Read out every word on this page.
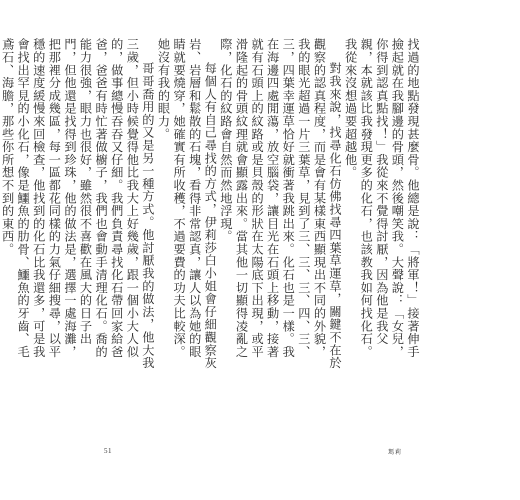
找過的地點發現甚麼骨。他總是說：「將軍！」接著伸手撿起就在我腳邊的骨頭，然後嘲笑我。大聲說：「女兒，你得到認真點找！」我從來不覺得討厭，因為他是我父親，本就該比我發現更多的化石，也該教我如何找化石。我從來沒想過要超越他。

對我來說，找尋化石仿佛找尋四葉草運草，關鍵不在於觀察的認真程度，而是會有某樣東西顯現出不同的外貌，我的眼光超過一片三葉草，見到了三、三、三、四、三、三，四葉幸運草恰好就衝著我跳出來。化石也是一樣。我在海邊四處閒蕩，放空腦袋，讓目光在石頭上移動，接著就有石頭上的紋路或是貝殼的形狀在太陽底下出現，或平滑隆起的骨頭紋理就會顯露出來。當其他一切顯得凌亂之際，化石的紋路會自然而然地浮現。

每個人有自己尋找的方式，伊莉莎白小姐會仔細觀察灰岩、岩層和鬆散的石塊，看得非常認真，讓人以為她的眼睛就要燒穿，她確實有所收穫，不過要費的功夫比較深。她沒有我的眼力。

哥哥喬用的又是另一種方式。他討厭我的做法，他大我三歲，但小時候覺得他比我大上好幾歲，跟一個小大人似的，做事總慢吞吞又仔細。我們負責尋找化石帶回家給爸爸，爸爸有時忙著做櫥子，我們也會動手清理化石。喬的能力很強，眼力也很好，雖然很不喜歡在風大的日子出門，但他還是找得到珍珠，他的做法是，選擇一處海灘，把那裡分成幾區，每一區都花同樣的力氣仔細搜尋，以平穩的速度緩慢來回檢查，他找到的化石比我還多，可是我會找出罕見的小化石，像是鱷魚的肋骨、鱷魚的牙齒、毛鳶石、海膽，那些你所想不到的東西。

51	瑪莉
